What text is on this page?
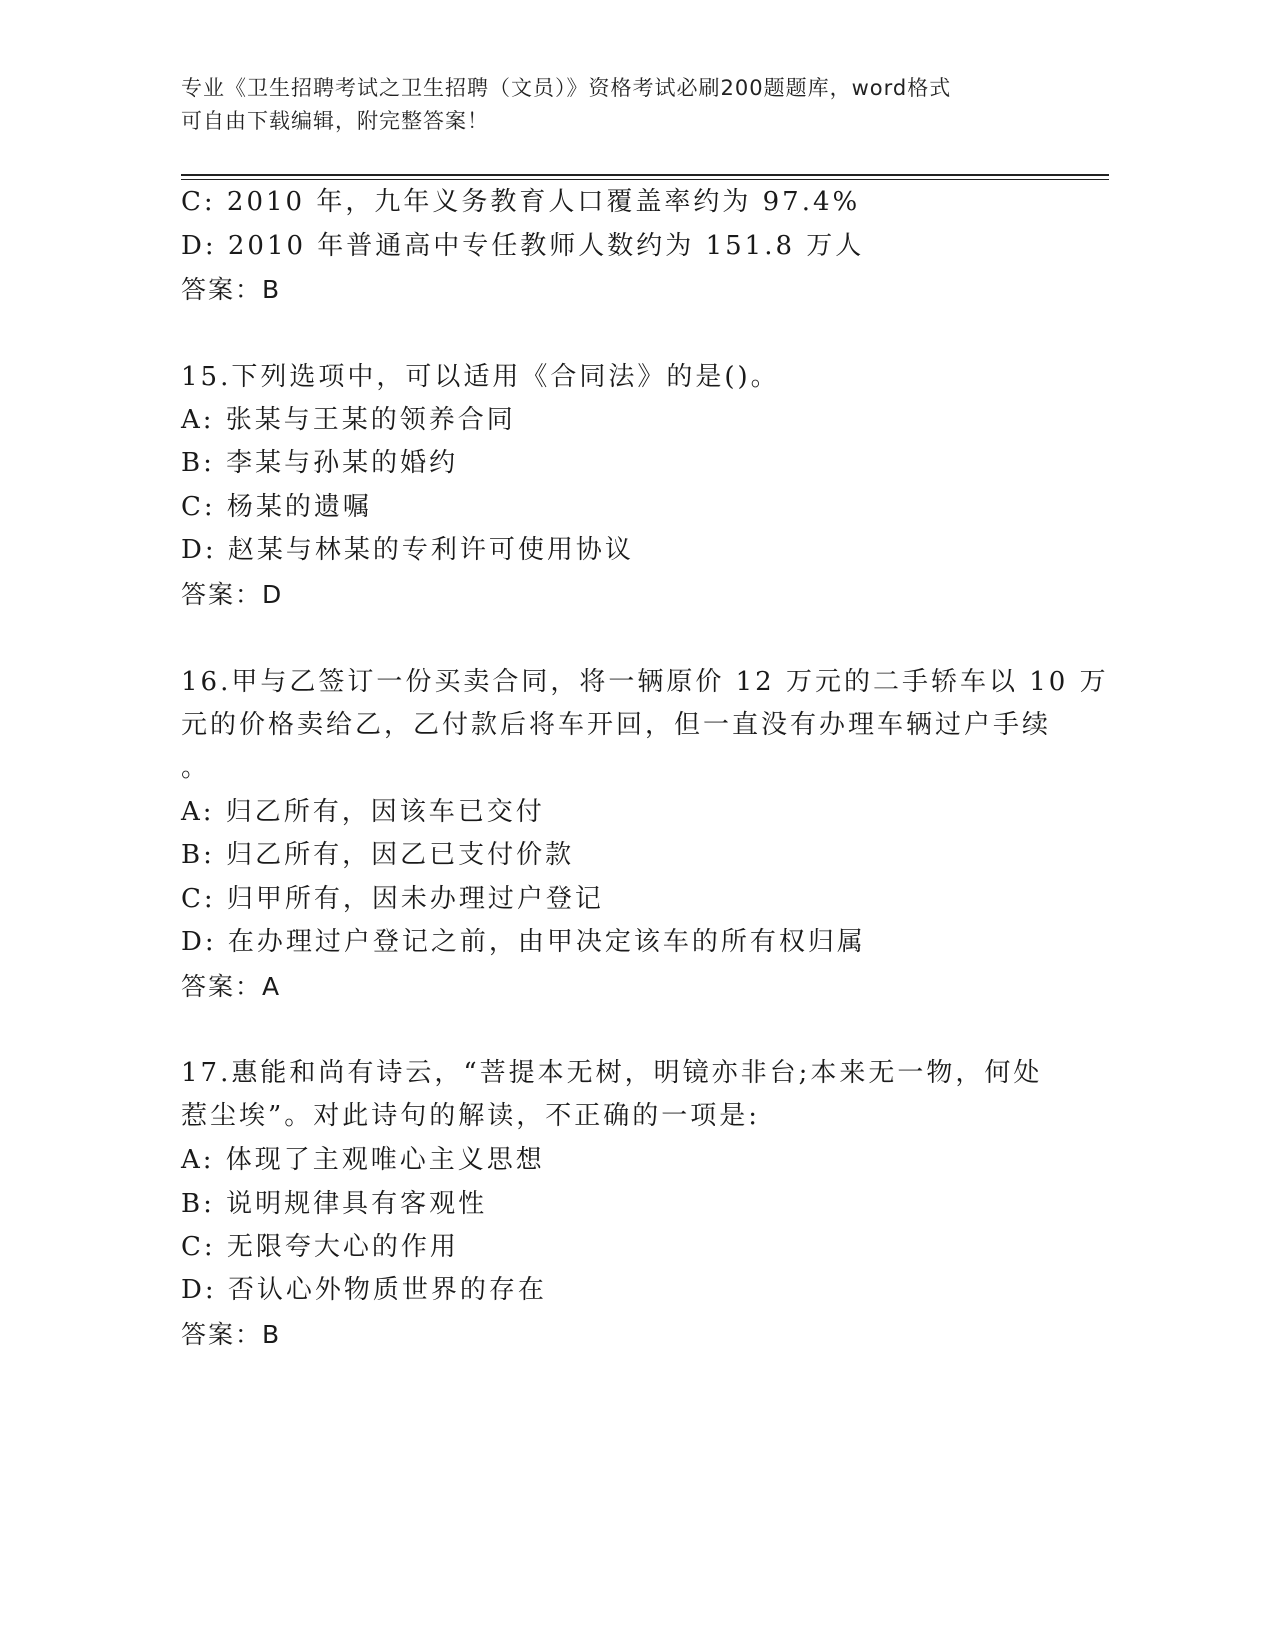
专业《卫生招聘考试之卫生招聘（文员）》资格考试必刷200题题库，word格式
可自由下载编辑，附完整答案！
C: 2010 年，九年义务教育人口覆盖率约为 97.4%
D: 2010 年普通高中专任教师人数约为 151.8 万人
答案：B
15.下列选项中，可以适用《合同法》的是()。
A: 张某与王某的领养合同
B: 李某与孙某的婚约
C: 杨某的遗嘱
D: 赵某与林某的专利许可使用协议
答案：D
16.甲与乙签订一份买卖合同，将一辆原价 12 万元的二手轿车以 10 万
元的价格卖给乙，乙付款后将车开回，但一直没有办理车辆过户手续
。
A: 归乙所有，因该车已交付
B: 归乙所有，因乙已支付价款
C: 归甲所有，因未办理过户登记
D: 在办理过户登记之前，由甲决定该车的所有权归属
答案：A
17.惠能和尚有诗云，“菩提本无树，明镜亦非台;本来无一物，何处
惹尘埃”。对此诗句的解读，不正确的一项是:
A: 体现了主观唯心主义思想
B: 说明规律具有客观性
C: 无限夸大心的作用
D: 否认心外物质世界的存在
答案：B
